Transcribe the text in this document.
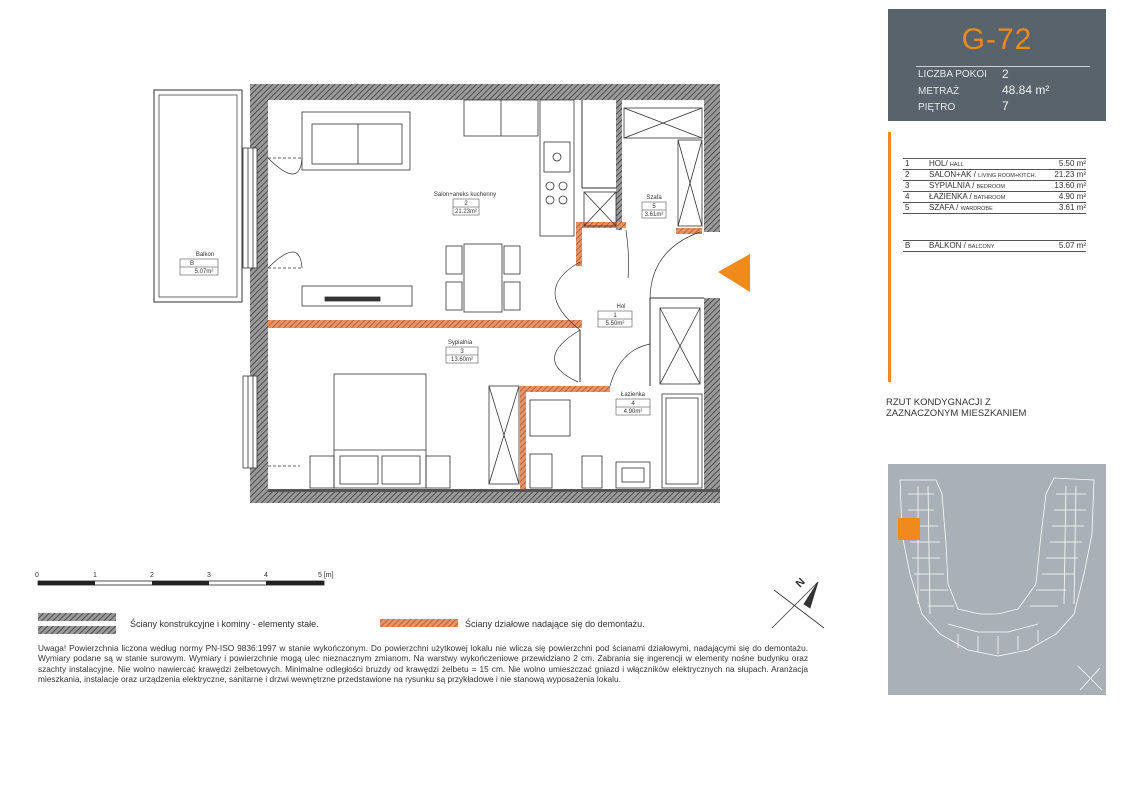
Salon+aneks kuchenny
2
21.23m²
Szafa
5
3.61m²
Balkon
B
5.07m²
Hol
1
5.50m²
Sypialnia
3
13.60m²
Łazienka
4
4.90m²
N
0	1	2	3	4	5 [m]
Ściany konstrukcyjne i kominy - elementy stałe.	Ściany działowe nadające się do demontażu.
Uwaga! Powierzchnia liczona według normy PN-ISO 9836:1997 w stanie wykończonym. Do powierzchni użytkowej lokalu nie wlicza się powierzchni pod ścianami działowymi, nadającymi się do demontażu. Wymiary podane są w stanie surowym. Wymiary i powierzchnie mogą ulec nieznacznym zmianom. Na warstwy wykończeniowe przewidziano 2 cm. Zabrania się ingerencji w elementy nośne budynku oraz szachty instalacyjne. Nie wolno nawiercać krawędzi żelbetowych. Minimalne odległości bruzdy od krawędzi żelbetu = 15 cm. Nie wolno umieszczać gniazd i włączników elektrycznych na słupach. Aranżacja mieszkania, instalacje oraz urządzenia elektryczne, sanitarne i drzwi wewnętrzne przedstawione na rysunku są przykładowe i nie stanową wyposażenia lokalu.
G-72
LICZBA POKOI 2
METRAŻ	48.84 m²
PIĘTRO	7
1 HOL/ HALL	5.50 m²
2 SALON+AK / LIVING ROOM+KITCH. 21.23 m²
3 SYPIALNIA / BEDROOM	13.60 m²
4 ŁAZIENKA / BATHROOM	4.90 m²
5 SZAFA / WARDROBE	3.61 m²
B BALKON / BALCONY	5.07 m²
RZUT KONDYGNACJI Z
ZAZNACZONYM MIESZKANIEM
